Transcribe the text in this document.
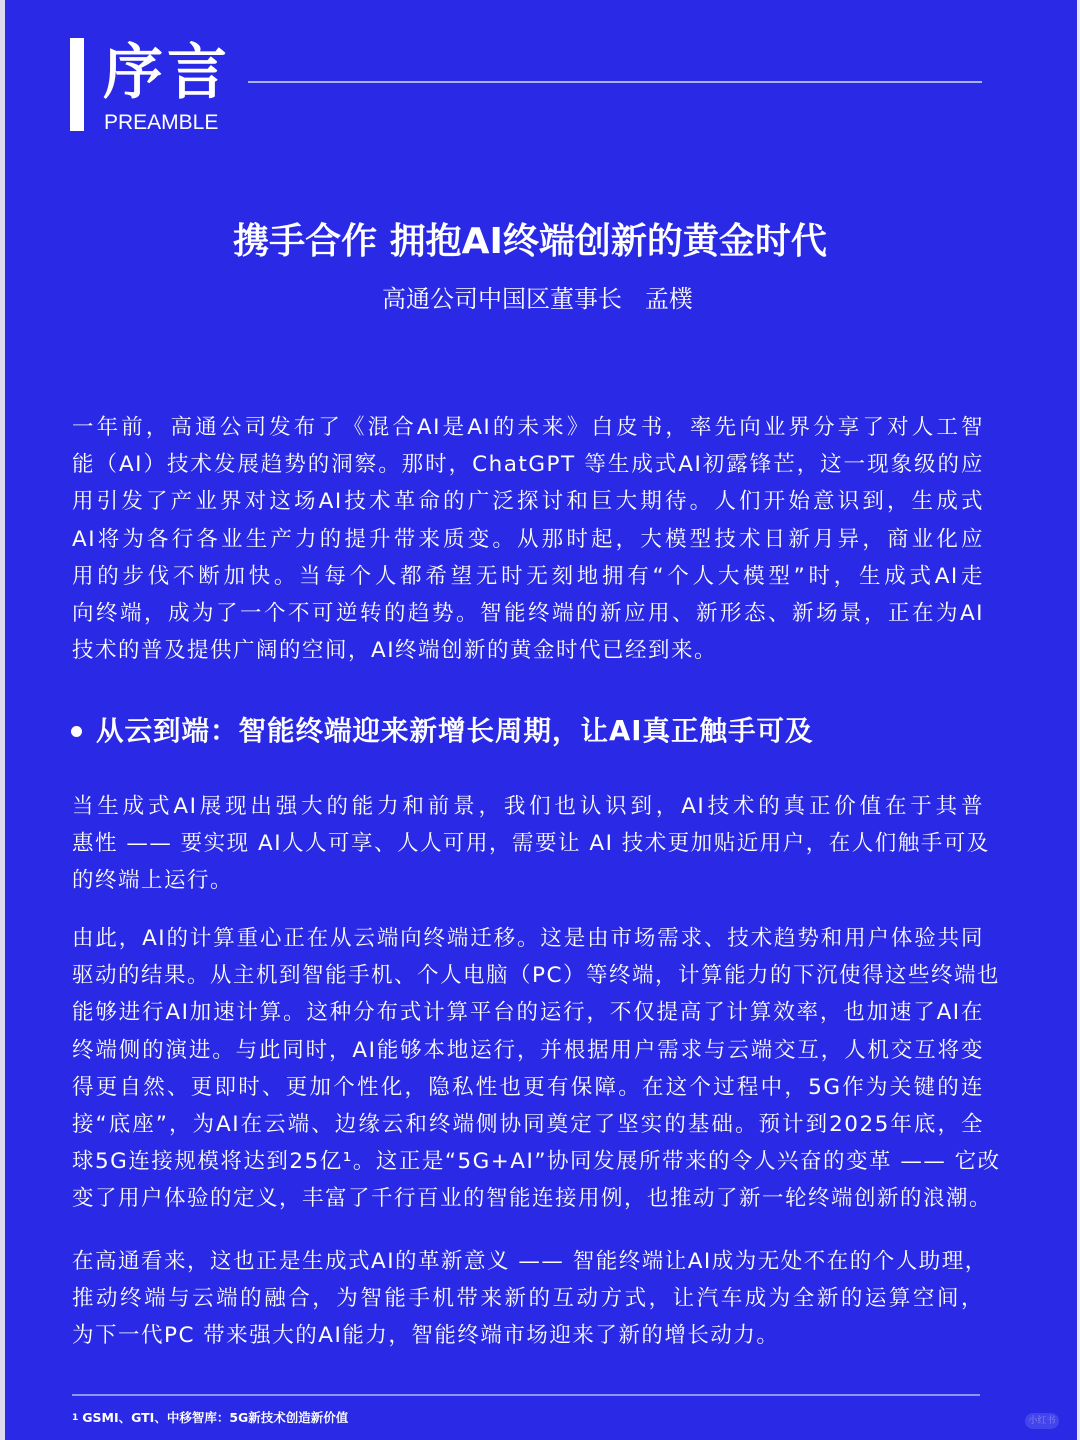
序言
PREAMBLE
携手合作 拥抱AI终端创新的黄金时代
高通公司中国区董事长   孟樸
一年前，高通公司发布了《混合AI是AI的未来》白皮书，率先向业界分享了对人工智
能（AI）技术发展趋势的洞察。那时，ChatGPT 等生成式AI初露锋芒，这一现象级的应
用引发了产业界对这场AI技术革命的广泛探讨和巨大期待。人们开始意识到，生成式
AI将为各行各业生产力的提升带来质变。从那时起，大模型技术日新月异，商业化应
用的步伐不断加快。当每个人都希望无时无刻地拥有“个人大模型”时，生成式AI走
向终端，成为了一个不可逆转的趋势。智能终端的新应用、新形态、新场景，正在为AI
技术的普及提供广阔的空间，AI终端创新的黄金时代已经到来。
从云到端：智能终端迎来新增长周期，让AI真正触手可及
当生成式AI展现出强大的能力和前景，我们也认识到，AI技术的真正价值在于其普
惠性 —— 要实现 AI人人可享、人人可用，需要让 AI 技术更加贴近用户，在人们触手可及
的终端上运行。
由此，AI的计算重心正在从云端向终端迁移。这是由市场需求、技术趋势和用户体验共同
驱动的结果。从主机到智能手机、个人电脑（PC）等终端，计算能力的下沉使得这些终端也
能够进行AI加速计算。这种分布式计算平台的运行，不仅提高了计算效率，也加速了AI在
终端侧的演进。与此同时，AI能够本地运行，并根据用户需求与云端交互，人机交互将变
得更自然、更即时、更加个性化，隐私性也更有保障。在这个过程中，5G作为关键的连
接“底座”，为AI在云端、边缘云和终端侧协同奠定了坚实的基础。预计到2025年底，全
球5G连接规模将达到25亿¹。这正是“5G+AI”协同发展所带来的令人兴奋的变革 —— 它改
变了用户体验的定义，丰富了千行百业的智能连接用例，也推动了新一轮终端创新的浪潮。
在高通看来，这也正是生成式AI的革新意义 —— 智能终端让AI成为无处不在的个人助理，
推动终端与云端的融合，为智能手机带来新的互动方式，让汽车成为全新的运算空间，
为下一代PC 带来强大的AI能力，智能终端市场迎来了新的增长动力。
$^1$ GSMI、GTI、中移智库：5G新技术创造新价值	小红书
